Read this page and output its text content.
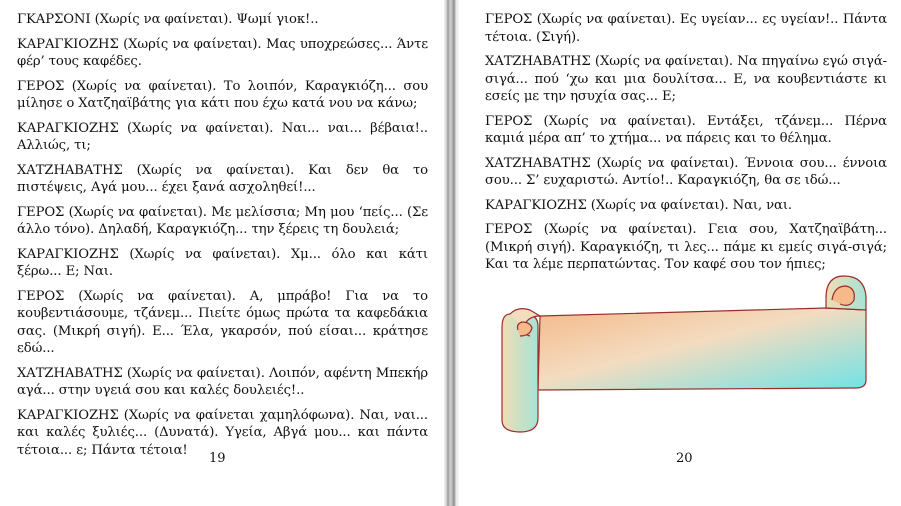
ΓΚΑΡΣΟΝΙ (Χωρίς να φαίνεται). Ψωμί γιοκ!..

ΚΑΡΑΓΚΙΟΖΗΣ (Χωρίς να φαίνεται). Μας υποχρεώσες... Άντε φέρ’ τους καφέδες.

ΓΕΡΟΣ (Χωρίς να φαίνεται). Το λοιπόν, Καραγκιόζη... σου μίλησε ο Χατζηαϊβάτης για κάτι που έχω κατά νου να κάνω;

ΚΑΡΑΓΚΙΟΖΗΣ (Χωρίς να φαίνεται). Ναι... ναι... βέβαια!.. Αλλιώς, τι;

ΧΑΤΖΗΑΒΑΤΗΣ (Χωρίς να φαίνεται). Και δεν θα το πιστέψεις, Αγά μου... έχει ξανά ασχοληθεί!...

ΓΕΡΟΣ (Χωρίς να φαίνεται). Με μελίσσια; Μη μου ‘πείς... (Σε άλλο τόνο). Δηλαδή, Καραγκιόζη... την ξέρεις τη δουλειά;

ΚΑΡΑΓΚΙΟΖΗΣ (Χωρίς να φαίνεται). Χμ... όλο και κάτι ξέρω... Ε; Ναι.

ΓΕΡΟΣ (Χωρίς να φαίνεται). Α, μπράβο! Για να το κουβεντιάσουμε, τζάνεμ... Πιείτε όμως πρώτα τα καφεδάκια σας. (Μικρή σιγή). Ε... Έλα, γκαρσόν, πού είσαι... κράτησε εδώ...

ΧΑΤΖΗΑΒΑΤΗΣ (Χωρίς να φαίνεται). Λοιπόν, αφέντη Μπεκήρ αγά... στην υγειά σου και καλές δουλειές!..

ΚΑΡΑΓΚΙΟΖΗΣ (Χωρίς να φαίνεται χαμηλόφωνα). Ναι, ναι... και καλές ξυλιές... (Δυνατά). Υγεία, Αβγά μου... και πάντα τέτοια... ε; Πάντα τέτοια!

19

ΓΕΡΟΣ (Χωρίς να φαίνεται). Ες υγείαν... ες υγείαν!.. Πάντα τέτοια. (Σιγή).

ΧΑΤΖΗΑΒΑΤΗΣ (Χωρίς να φαίνεται). Να πηγαίνω εγώ σιγά-σιγά... πού ‘χω και μια δουλίτσα... Ε, να κουβεντιάστε κι εσείς με την ησυχία σας... Ε;

ΓΕΡΟΣ (Χωρίς να φαίνεται). Εντάξει, τζάνεμ... Πέρνα καμιά μέρα απ’ το χτήμα... να πάρεις και το θέλημα.

ΧΑΤΖΗΑΒΑΤΗΣ (Χωρίς να φαίνεται). Έννοια σου... έννοια σου... Σ’ ευχαριστώ. Αντίο!.. Καραγκιόζη, θα σε ιδώ...

ΚΑΡΑΓΚΙΟΖΗΣ (Χωρίς να φαίνεται). Ναι, ναι.

ΓΕΡΟΣ (Χωρίς να φαίνεται). Γεια σου, Χατζηαϊβάτη... (Μικρή σιγή). Καραγκιόζη, τι λες... πάμε κι εμείς σιγά-σιγά; Και τα λέμε περπατώντας. Τον καφέ σου τον ήπιες;

20
